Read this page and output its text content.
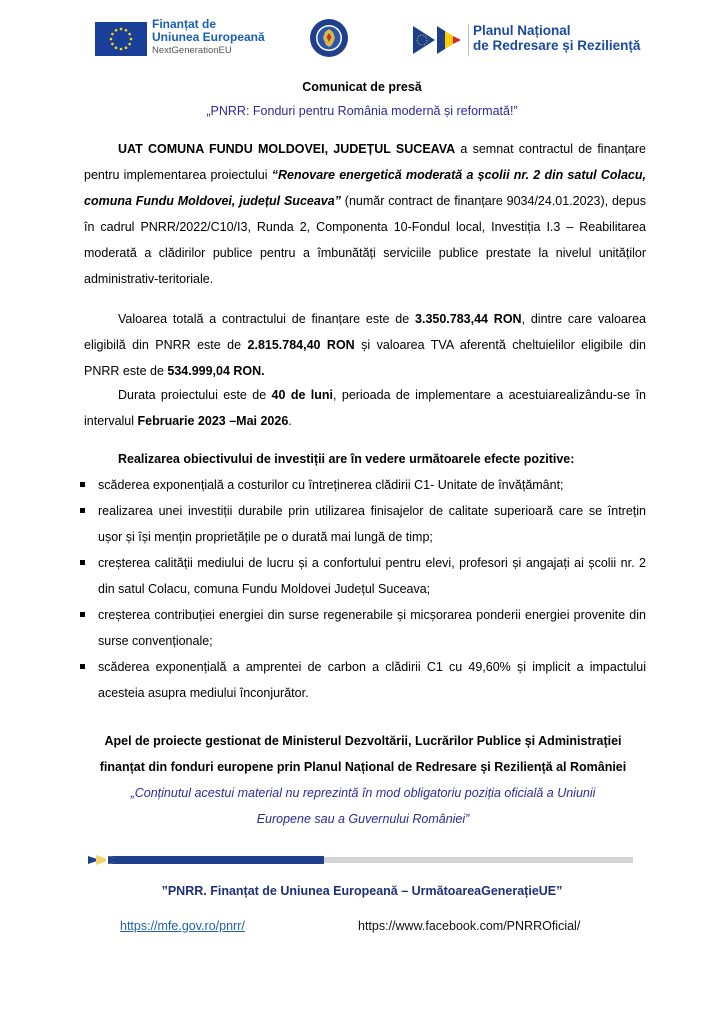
Finanțat de
Uniunea Europeană
NextGenerationEU
Planul Național
de Redresare și Reziliență
Comunicat de presă
„PNRR: Fonduri pentru România modernă și reformată!”
UAT COMUNA FUNDU MOLDOVEI, JUDEȚUL SUCEAVA a semnat contractul de finanțare pentru implementarea proiectului “Renovare energetică moderată a școlii nr. 2 din satul Colacu, comuna Fundu Moldovei, județul Suceava” (număr contract de finanțare 9034/24.01.2023), depus în cadrul PNRR/2022/C10/I3, Runda 2, Componenta 10-Fondul local, Investiția I.3 – Reabilitarea moderată a clădirilor publice pentru a îmbunătăți serviciile publice prestate la nivelul unităților administrativ-teritoriale.
Valoarea totală a contractului de finanțare este de 3.350.783,44 RON, dintre care valoarea eligibilă din PNRR este de 2.815.784,40 RON și valoarea TVA aferentă cheltuielilor eligibile din PNRR este de 534.999,04 RON.
Durata proiectului este de 40 de luni, perioada de implementare a acestuiarealizându-se în intervalul Februarie 2023 –Mai 2026.
Realizarea obiectivului de investiții are în vedere următoarele efecte pozitive:
scăderea exponențială a costurilor cu întreținerea clădirii C1- Unitate de învățământ;
realizarea unei investiții durabile prin utilizarea finisajelor de calitate superioară care se întrețin ușor și își mențin proprietățile pe o durată mai lungă de timp;
creșterea calității mediului de lucru și a confortului pentru elevi, profesori și angajați ai școlii nr. 2 din satul Colacu, comuna Fundu Moldovei Județul Suceava;
creșterea contribuției energiei din surse regenerabile și micșorarea ponderii energiei provenite din surse convenționale;
scăderea exponențială a amprentei de carbon a clădirii C1 cu 49,60% și implicit a impactului acesteia asupra mediului înconjurător.
Apel de proiecte gestionat de Ministerul Dezvoltării, Lucrărilor Publice și Administrației
finanțat din fonduri europene prin Planul Național de Redresare și Reziliență al României
„Conținutul acestui material nu reprezintă în mod obligatoriu poziția oficială a Uniunii
Europene sau a Guvernului României”
”PNRR. Finanțat de Uniunea Europeană – UrmătoareaGenerațieUE”
https://mfe.gov.ro/pnrr/	https://www.facebook.com/PNRROficial/
